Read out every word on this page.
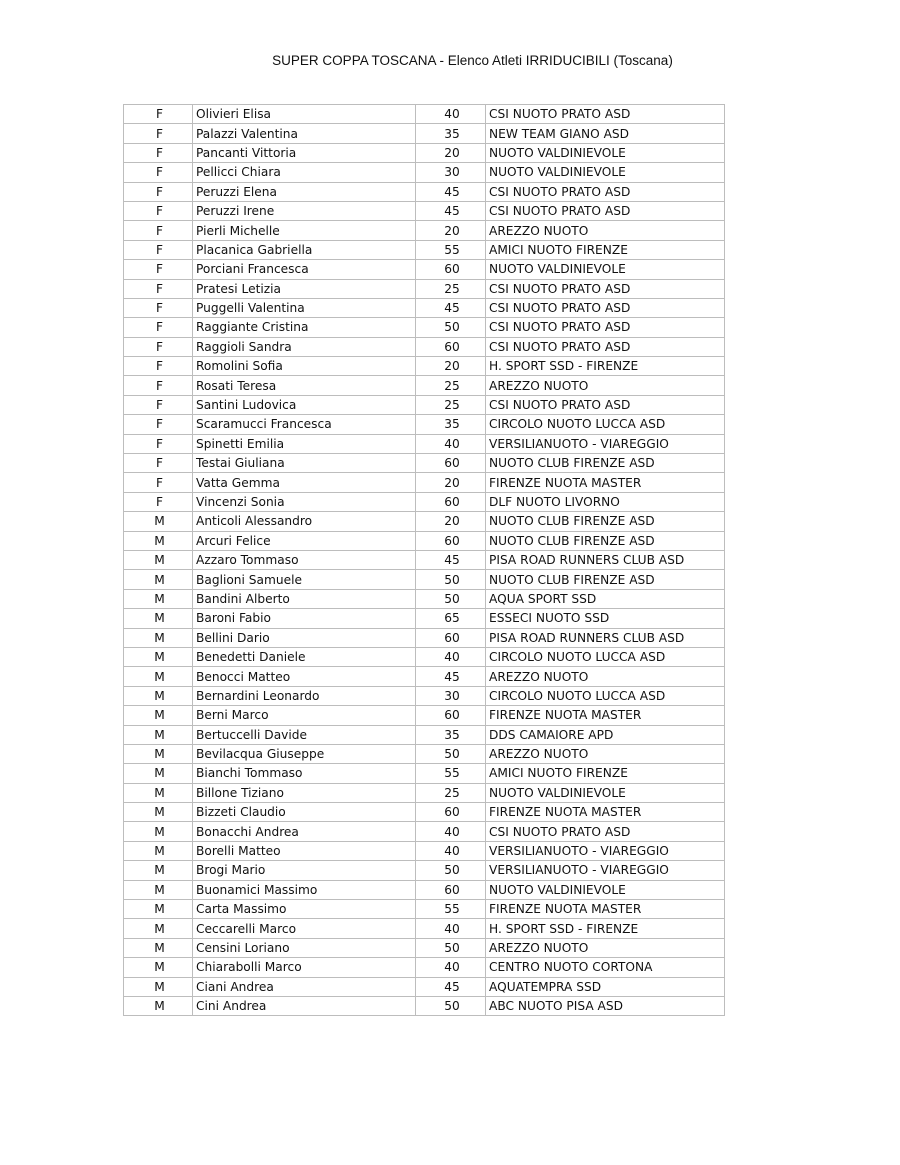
SUPER COPPA TOSCANA - Elenco Atleti IRRIDUCIBILI (Toscana)
F	Olivieri Elisa	40	CSI NUOTO PRATO ASD
F	Palazzi Valentina	35	NEW TEAM GIANO ASD
F	Pancanti Vittoria	20	NUOTO VALDINIEVOLE
F	Pellicci Chiara	30	NUOTO VALDINIEVOLE
F	Peruzzi Elena	45	CSI NUOTO PRATO ASD
F	Peruzzi Irene	45	CSI NUOTO PRATO ASD
F	Pierli Michelle	20	AREZZO NUOTO
F	Placanica Gabriella	55	AMICI NUOTO FIRENZE
F	Porciani Francesca	60	NUOTO VALDINIEVOLE
F	Pratesi Letizia	25	CSI NUOTO PRATO ASD
F	Puggelli Valentina	45	CSI NUOTO PRATO ASD
F	Raggiante Cristina	50	CSI NUOTO PRATO ASD
F	Raggioli Sandra	60	CSI NUOTO PRATO ASD
F	Romolini Sofia	20	H. SPORT SSD - FIRENZE
F	Rosati Teresa	25	AREZZO NUOTO
F	Santini Ludovica	25	CSI NUOTO PRATO ASD
F	Scaramucci Francesca	35	CIRCOLO NUOTO LUCCA ASD
F	Spinetti Emilia	40	VERSILIANUOTO - VIAREGGIO
F	Testai Giuliana	60	NUOTO CLUB FIRENZE ASD
F	Vatta Gemma	20	FIRENZE NUOTA MASTER
F	Vincenzi Sonia	60	DLF NUOTO LIVORNO
M	Anticoli Alessandro	20	NUOTO CLUB FIRENZE ASD
M	Arcuri Felice	60	NUOTO CLUB FIRENZE ASD
M	Azzaro Tommaso	45	PISA ROAD RUNNERS CLUB ASD
M	Baglioni Samuele	50	NUOTO CLUB FIRENZE ASD
M	Bandini Alberto	50	AQUA SPORT SSD
M	Baroni Fabio	65	ESSECI NUOTO SSD
M	Bellini Dario	60	PISA ROAD RUNNERS CLUB ASD
M	Benedetti Daniele	40	CIRCOLO NUOTO LUCCA ASD
M	Benocci Matteo	45	AREZZO NUOTO
M	Bernardini Leonardo	30	CIRCOLO NUOTO LUCCA ASD
M	Berni Marco	60	FIRENZE NUOTA MASTER
M	Bertuccelli Davide	35	DDS CAMAIORE APD
M	Bevilacqua Giuseppe	50	AREZZO NUOTO
M	Bianchi Tommaso	55	AMICI NUOTO FIRENZE
M	Billone Tiziano	25	NUOTO VALDINIEVOLE
M	Bizzeti Claudio	60	FIRENZE NUOTA MASTER
M	Bonacchi Andrea	40	CSI NUOTO PRATO ASD
M	Borelli Matteo	40	VERSILIANUOTO - VIAREGGIO
M	Brogi Mario	50	VERSILIANUOTO - VIAREGGIO
M	Buonamici Massimo	60	NUOTO VALDINIEVOLE
M	Carta Massimo	55	FIRENZE NUOTA MASTER
M	Ceccarelli Marco	40	H. SPORT SSD - FIRENZE
M	Censini Loriano	50	AREZZO NUOTO
M	Chiarabolli Marco	40	CENTRO NUOTO CORTONA
M	Ciani Andrea	45	AQUATEMPRA SSD
M	Cini Andrea	50	ABC NUOTO PISA ASD
